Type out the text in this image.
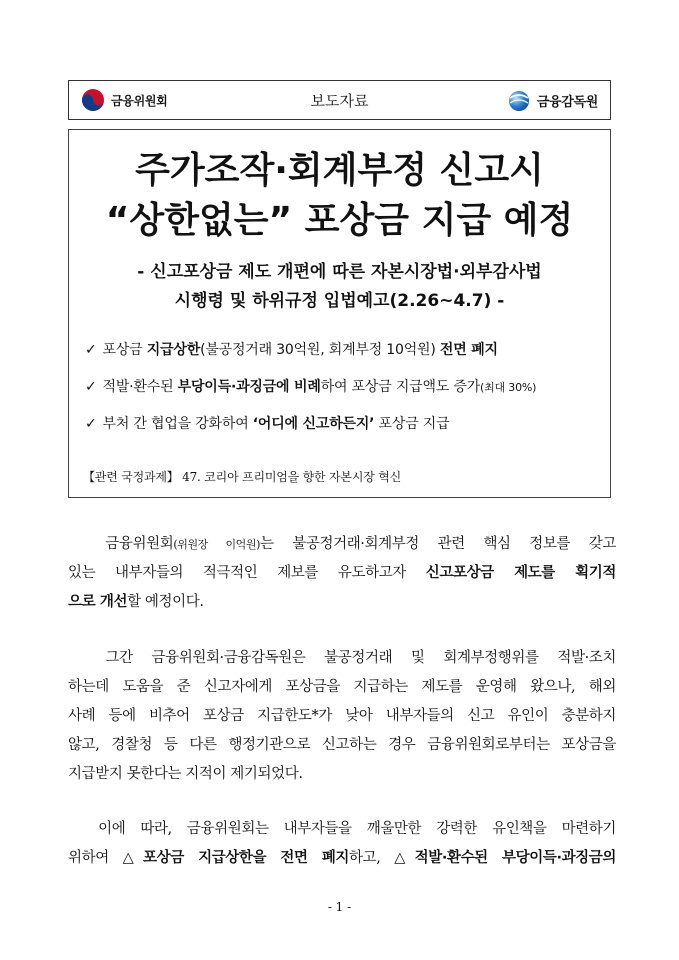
금융위원회	보도자료	금융감독원
주가조작·회계부정 신고시
“상한없는” 포상금 지급 예정
- 신고포상금 제도 개편에 따른 자본시장법·외부감사법
시행령 및 하위규정 입법예고(2.26~4.7) -
✓ 포상금 지급상한(불공정거래 30억원, 회계부정 10억원) 전면 폐지
✓ 적발·환수된 부당이득·과징금에 비례하여 포상금 지급액도 증가(최대 30%)
✓ 부처 간 협업을 강화하여 ‘어디에 신고하든지’ 포상금 지급
【관련 국정과제】 47. 코리아 프리미엄을 향한 자본시장 혁신
금융위원회(위원장 이억원)는 불공정거래·회계부정 관련 핵심 정보를 갖고
있는 내부자들의 적극적인 제보를 유도하고자 신고포상금 제도를 획기적
으로 개선할 예정이다.
그간 금융위원회·금융감독원은 불공정거래 및 회계부정행위를 적발·조치
하는데 도움을 준 신고자에게 포상금을 지급하는 제도를 운영해 왔으나, 해외
사례 등에 비추어 포상금 지급한도*가 낮아 내부자들의 신고 유인이 충분하지
않고, 경찰청 등 다른 행정기관으로 신고하는 경우 금융위원회로부터는 포상금을
지급받지 못한다는 지적이 제기되었다.
이에 따라, 금융위원회는 내부자들을 깨울만한 강력한 유인책을 마련하기
위하여 △포상금 지급상한을 전면 폐지하고, △적발·환수된 부당이득·과징금의
- 1 -
